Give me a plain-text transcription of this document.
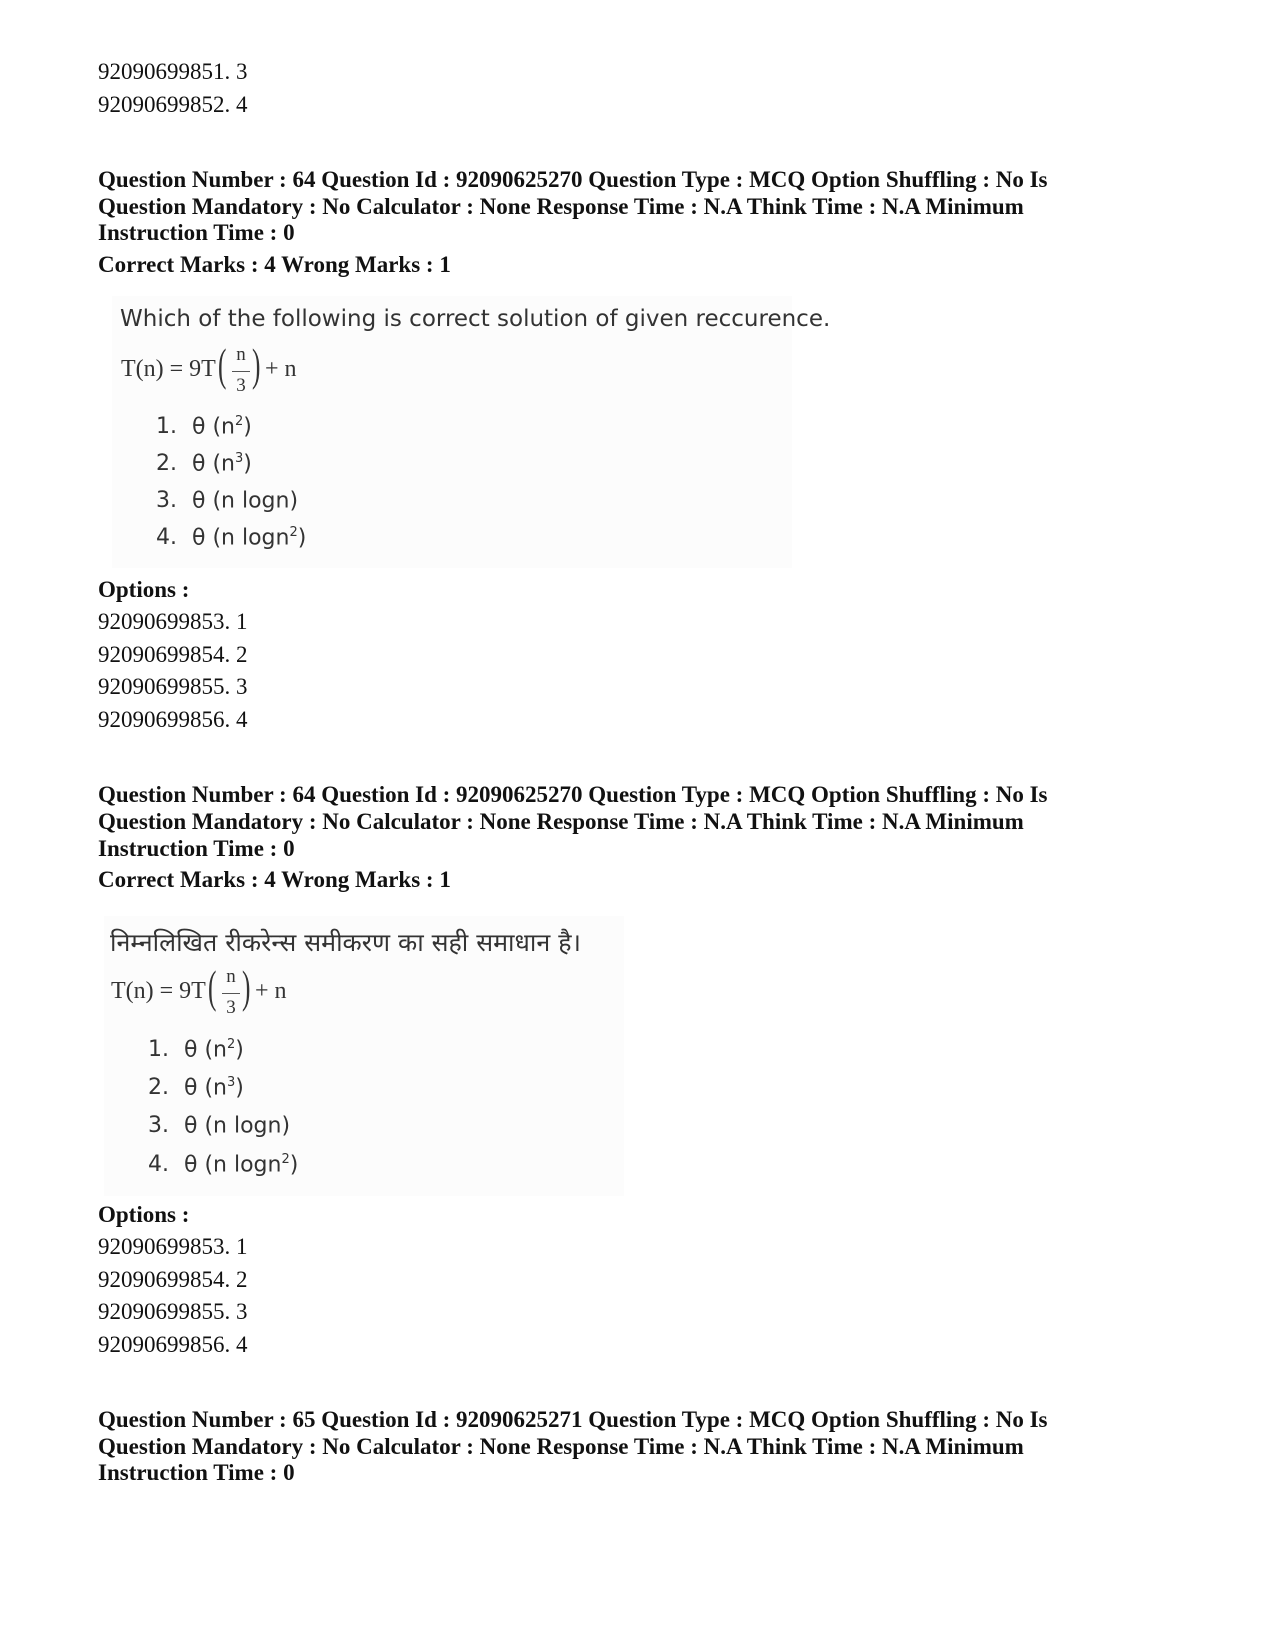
92090699851. 3
92090699852. 4
Question Number : 64 Question Id : 92090625270 Question Type : MCQ Option Shuffling : No Is
Question Mandatory : No Calculator : None Response Time : N.A Think Time : N.A Minimum
Instruction Time : 0
Correct Marks : 4 Wrong Marks : 1
Which of the following is correct solution of given reccurence.
T(n) = 9T ( n
3 ) + n
1. θ $(n^2)$
2. θ $(n^3)$
3. θ (n logn)
4. θ (n logn$^2$)
Options :
92090699853. 1
92090699854. 2
92090699855. 3
92090699856. 4
Question Number : 64 Question Id : 92090625270 Question Type : MCQ Option Shuffling : No Is
Question Mandatory : No Calculator : None Response Time : N.A Think Time : N.A Minimum
Instruction Time : 0
Correct Marks : 4 Wrong Marks : 1
निम्नलिखित रीकरेन्स समीकरण का सही समाधान है।
T(n) = 9T ( n
3 ) + n
1. θ $(n^2)$
2. θ $(n^3)$
3. θ (n logn)
4. θ (n logn$^2$)
Options :
92090699853. 1
92090699854. 2
92090699855. 3
92090699856. 4
Question Number : 65 Question Id : 92090625271 Question Type : MCQ Option Shuffling : No Is
Question Mandatory : No Calculator : None Response Time : N.A Think Time : N.A Minimum
Instruction Time : 0
